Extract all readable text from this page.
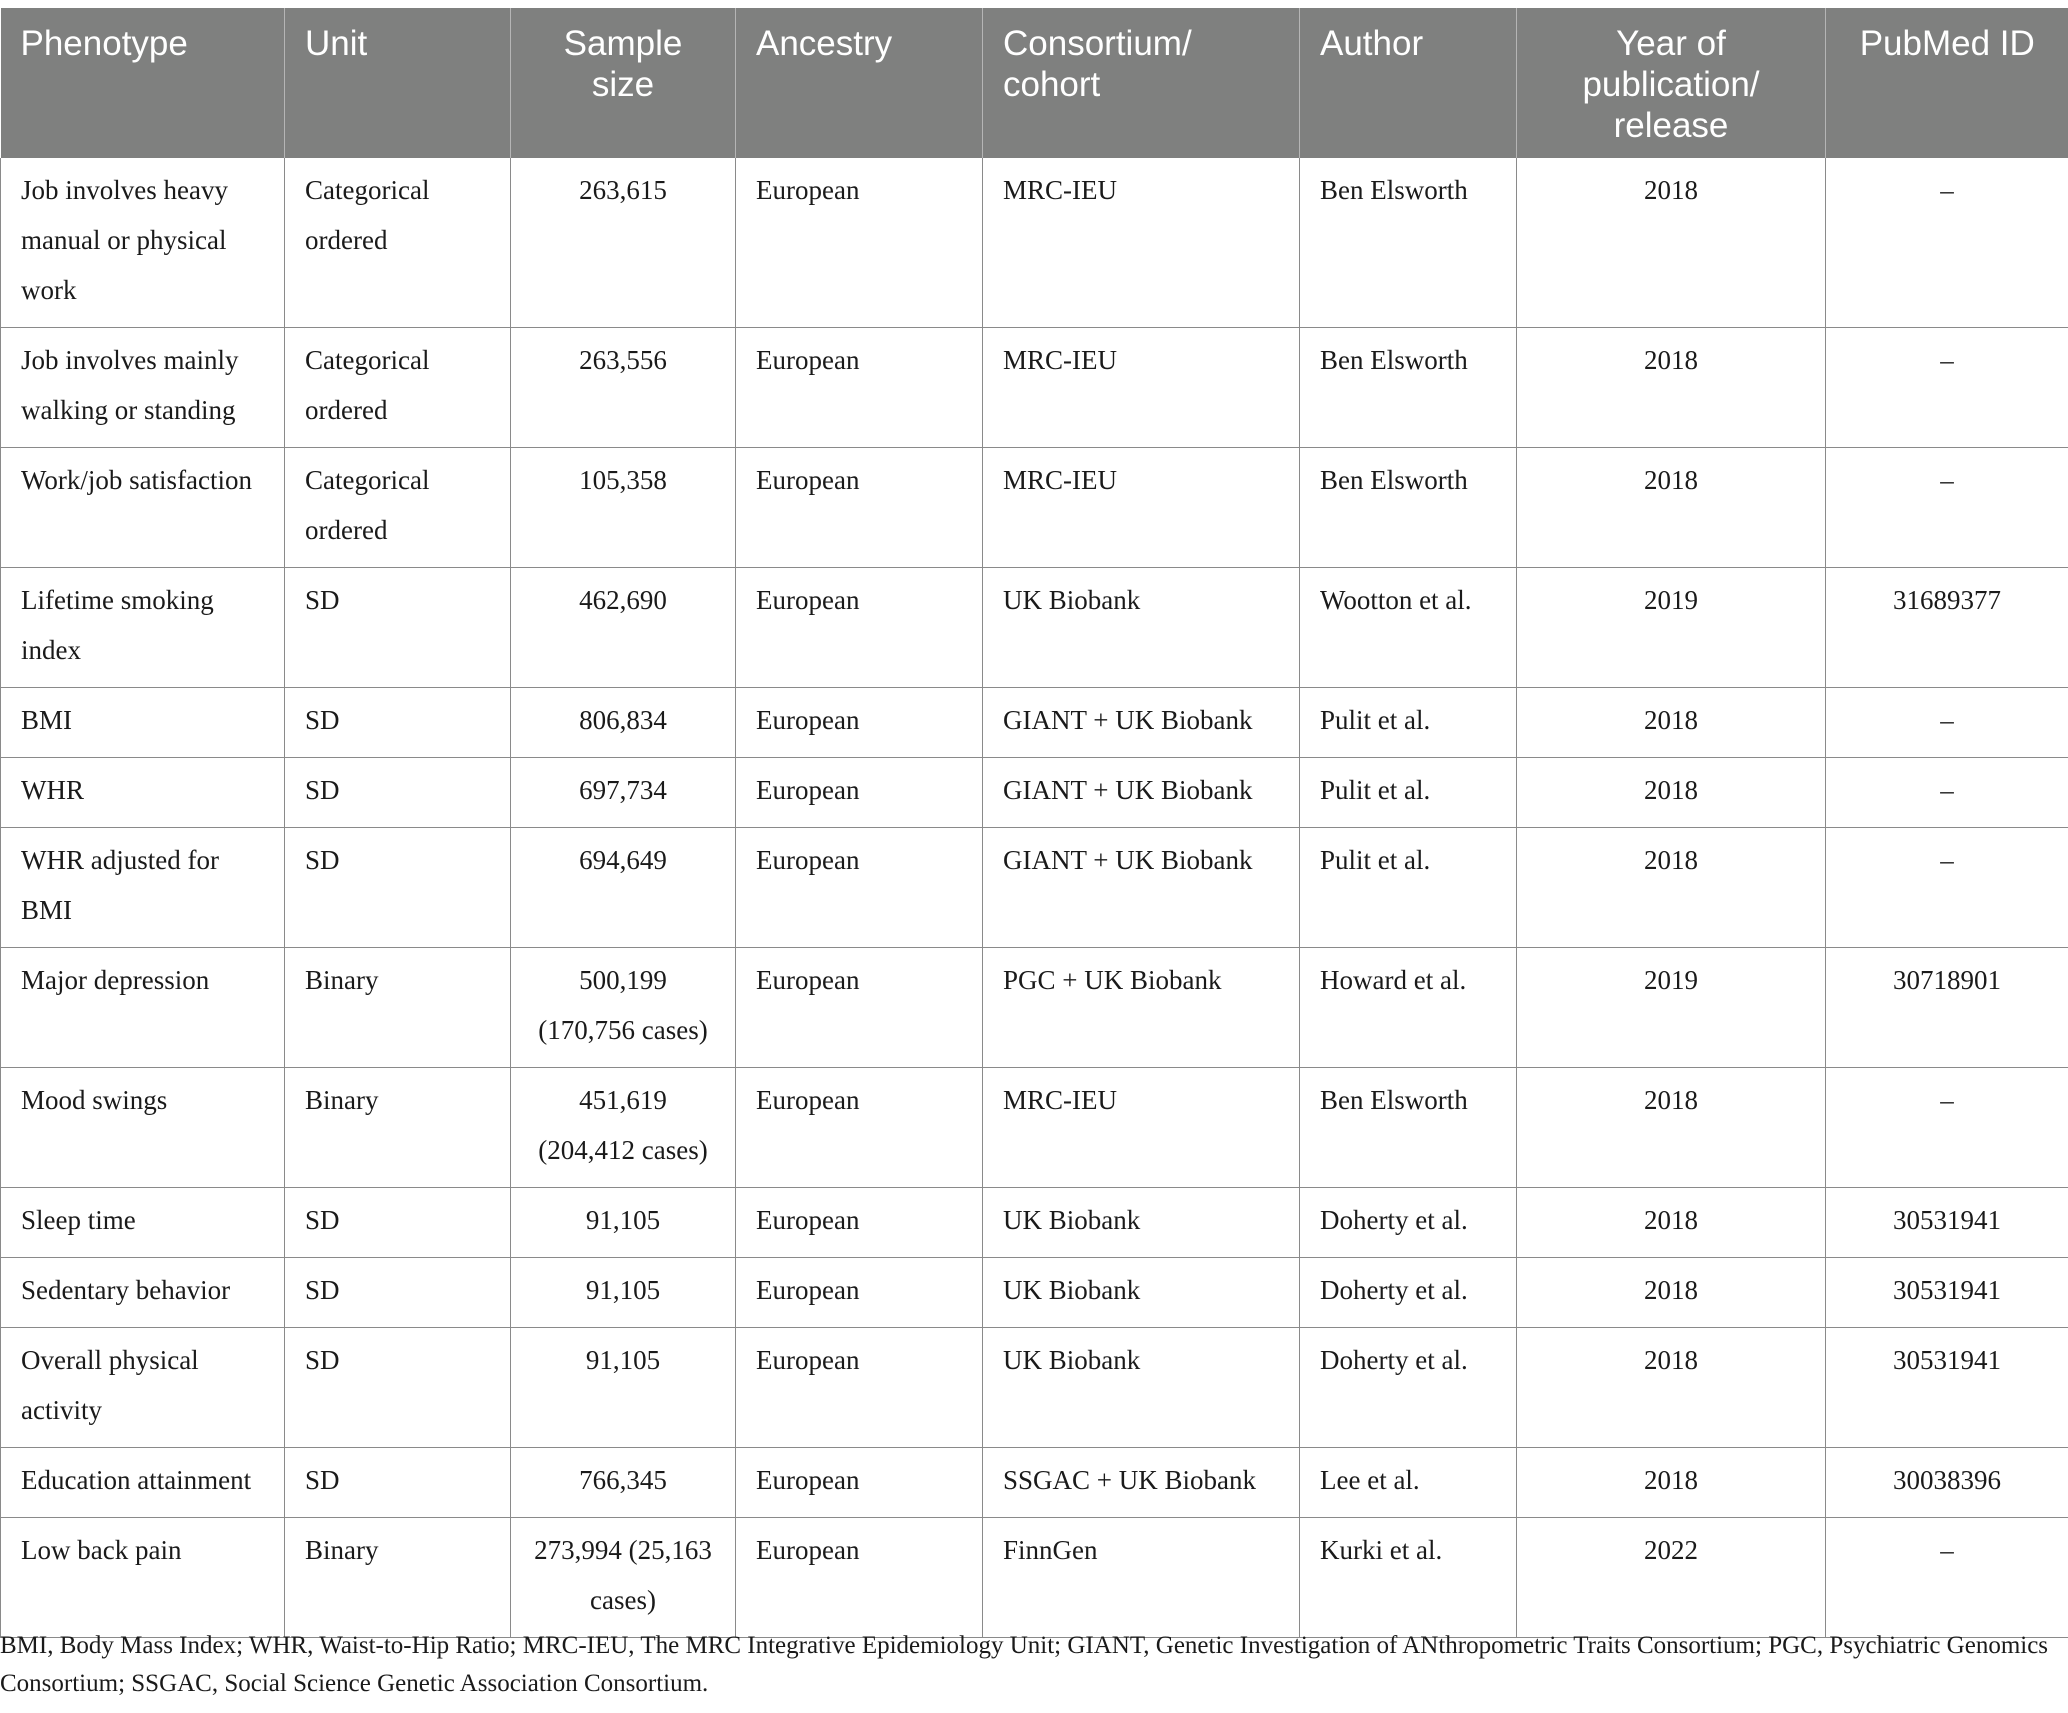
Phenotype	Unit	Sample size	Ancestry	Consortium/ cohort	Author	Year of publication/ release	PubMed ID
Job involves heavy manual or physical work	Categorical ordered	263,615	European	MRC-IEU	Ben Elsworth	2018	–
Job involves mainly walking or standing	Categorical ordered	263,556	European	MRC-IEU	Ben Elsworth	2018	–
Work/job satisfaction	Categorical ordered	105,358	European	MRC-IEU	Ben Elsworth	2018	–
Lifetime smoking index	SD	462,690	European	UK Biobank	Wootton et al.	2019	31689377
BMI	SD	806,834	European	GIANT + UK Biobank	Pulit et al.	2018	–
WHR	SD	697,734	European	GIANT + UK Biobank	Pulit et al.	2018	–
WHR adjusted for BMI	SD	694,649	European	GIANT + UK Biobank	Pulit et al.	2018	–
Major depression	Binary	500,199 (170,756 cases)	European	PGC + UK Biobank	Howard et al.	2019	30718901
Mood swings	Binary	451,619 (204,412 cases)	European	MRC-IEU	Ben Elsworth	2018	–
Sleep time	SD	91,105	European	UK Biobank	Doherty et al.	2018	30531941
Sedentary behavior	SD	91,105	European	UK Biobank	Doherty et al.	2018	30531941
Overall physical activity	SD	91,105	European	UK Biobank	Doherty et al.	2018	30531941
Education attainment	SD	766,345	European	SSGAC + UK Biobank	Lee et al.	2018	30038396
Low back pain	Binary	273,994 (25,163 cases)	European	FinnGen	Kurki et al.	2022	–

BMI, Body Mass Index; WHR, Waist-to-Hip Ratio; MRC-IEU, The MRC Integrative Epidemiology Unit; GIANT, Genetic Investigation of ANthropometric Traits Consortium; PGC, Psychiatric Genomics Consortium; SSGAC, Social Science Genetic Association Consortium.
